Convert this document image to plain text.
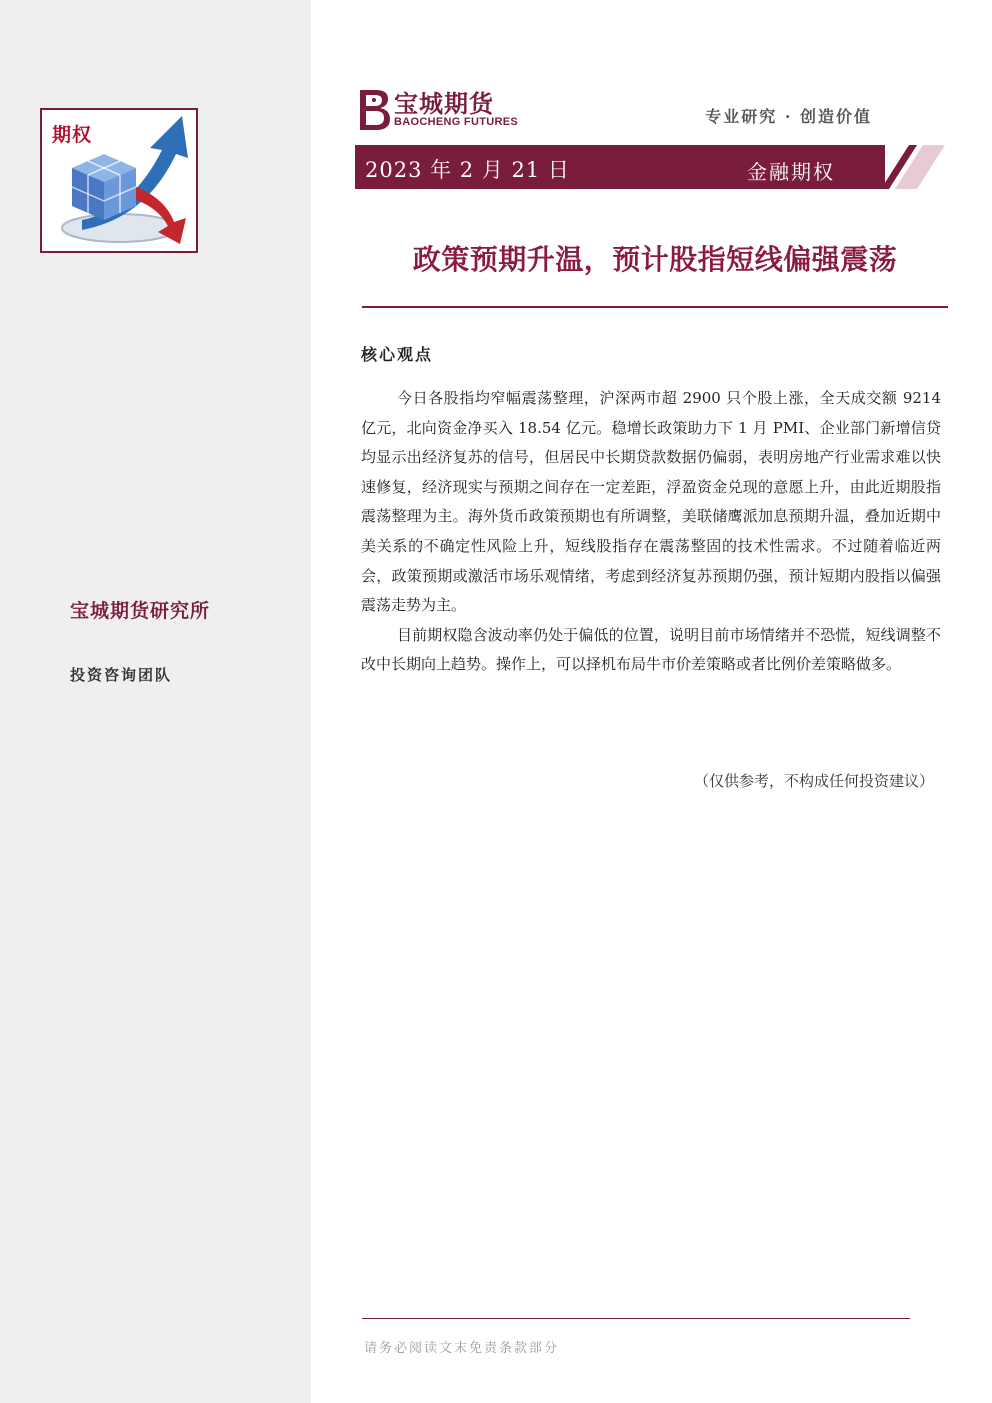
期权
宝城期货研究所
投资咨询团队
宝城期货
BAOCHENG FUTURES	专业研究 · 创造价值
2023 年 2 月 21 日	金融期权
政策预期升温，预计股指短线偏强震荡
核心观点

今日各股指均窄幅震荡整理，沪深两市超 2900 只个股上涨，全天成交额 9214 亿元，北向资金净买入 18.54 亿元。稳增长政策助力下 1 月 PMI、企业部门新增信贷均显示出经济复苏的信号，但居民中长期贷款数据仍偏弱，表明房地产行业需求难以快速修复，经济现实与预期之间存在一定差距，浮盈资金兑现的意愿上升，由此近期股指震荡整理为主。海外货币政策预期也有所调整，美联储鹰派加息预期升温，叠加近期中美关系的不确定性风险上升，短线股指存在震荡整固的技术性需求。不过随着临近两会，政策预期或激活市场乐观情绪，考虑到经济复苏预期仍强，预计短期内股指以偏强震荡走势为主。

目前期权隐含波动率仍处于偏低的位置，说明目前市场情绪并不恐慌，短线调整不改中长期向上趋势。操作上，可以择机布局牛市价差策略或者比例价差策略做多。

（仅供参考，不构成任何投资建议）
请务必阅读文末免责条款部分
